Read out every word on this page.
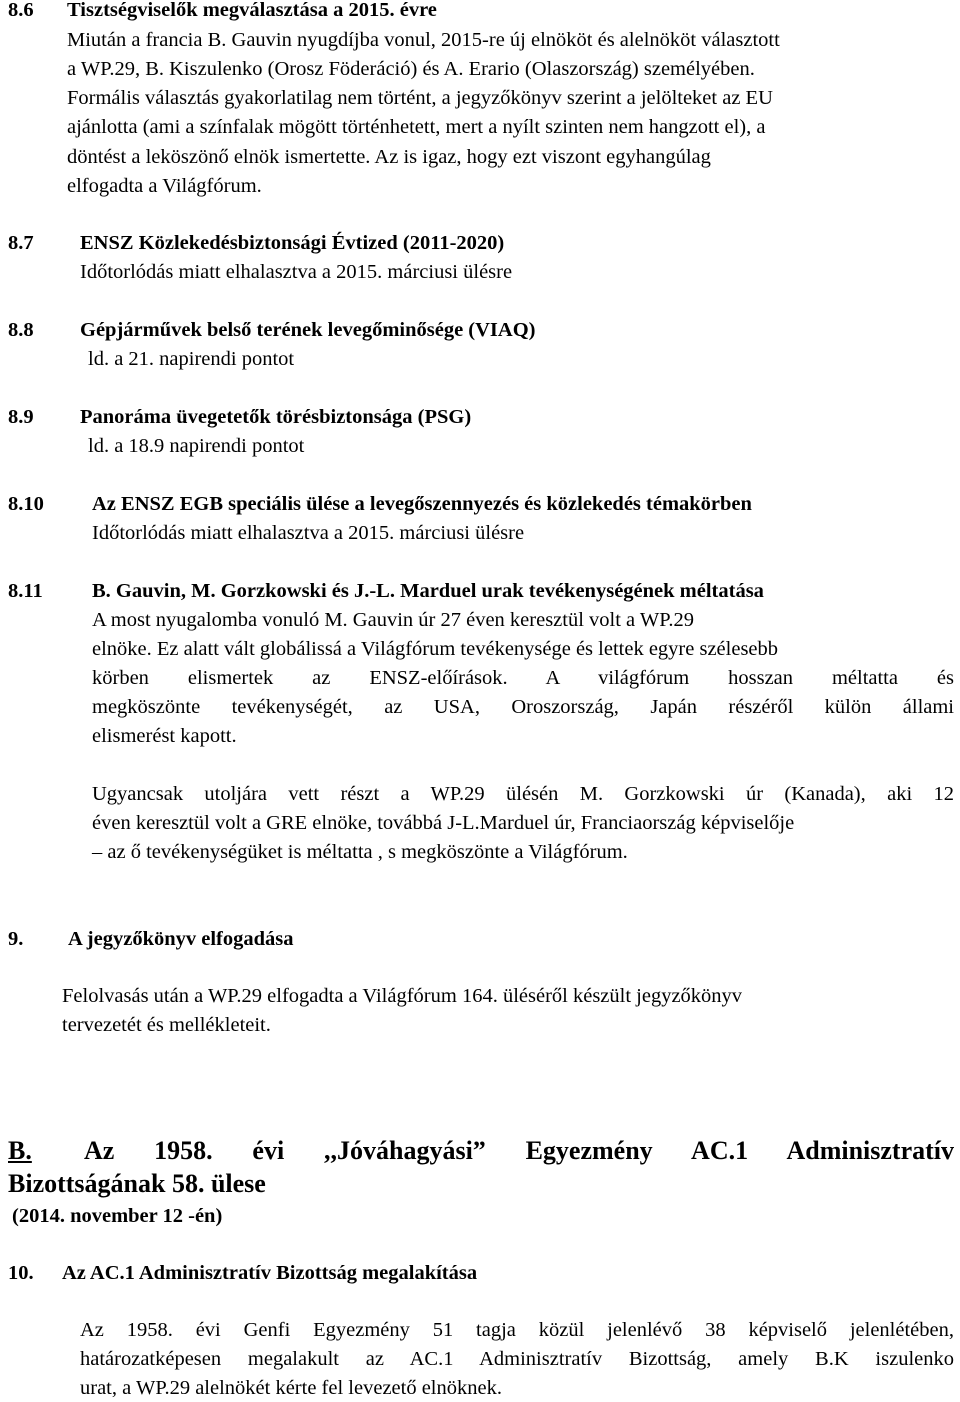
8.6 Tisztségviselők megválasztása a 2015. évre
Miután a francia B. Gauvin nyugdíjba vonul, 2015-re új elnököt és alelnököt választott
a WP.29, B. Kiszulenko (Orosz Föderáció) és A. Erario (Olaszország) személyében.
Formális választás gyakorlatilag nem történt, a jegyzőkönyv szerint a jelölteket az EU
ajánlotta (ami a színfalak mögött történhetett, mert a nyílt szinten nem hangzott el), a
döntést a leköszönő elnök ismertette. Az is igaz, hogy ezt viszont egyhangúlag
elfogadta a Világfórum.
8.7 ENSZ Közlekedésbiztonsági Évtized (2011-2020)
Időtorlódás miatt elhalasztva a 2015. márciusi ülésre
8.8 Gépjárművek belső terének levegőminősége (VIAQ)
ld. a 21. napirendi pontot
8.9 Panoráma üvegetetők törésbiztonsága (PSG)
ld. a 18.9 napirendi pontot
8.10 Az ENSZ EGB speciális ülése a levegőszennyezés és közlekedés témakörben
Időtorlódás miatt elhalasztva a 2015. márciusi ülésre
8.11 B. Gauvin, M. Gorzkowski és J.-L. Marduel urak tevékenységének méltatása
A most nyugalomba vonuló M. Gauvin úr 27 éven keresztül volt a WP.29
elnöke. Ez alatt vált globálissá a Világfórum tevékenysége és lettek egyre szélesebb
körben elismertek az ENSZ-előírások. A világfórum hosszan méltatta és
megköszönte tevékenységét, az USA, Oroszország, Japán részéről külön állami
elismerést kapott.
Ugyancsak utoljára vett részt a WP.29 ülésén M. Gorzkowski úr (Kanada), aki 12
éven keresztül volt a GRE elnöke, továbbá J-L.Marduel úr, Franciaország képviselője
– az ő tevékenységüket is méltatta , s megköszönte a Világfórum.
9. A jegyzőkönyv elfogadása
Felolvasás után a WP.29 elfogadta a Világfórum 164. üléséről készült jegyzőkönyv
tervezetét és mellékleteit.
B. Az 1958. évi ,,Jóváhagyási” Egyezmény AC.1 Adminisztratív
Bizottságának 58. ülese
(2014. november 12 -én)
10. Az AC.1 Adminisztratív Bizottság megalakítása
Az 1958. évi Genfi Egyezmény 51 tagja közül jelenlévő 38 képviselő jelenlétében,
határozatképesen megalakult az AC.1 Adminisztratív Bizottság, amely B.K iszulenko
urat, a WP.29 alelnökét kérte fel levezető elnöknek.
